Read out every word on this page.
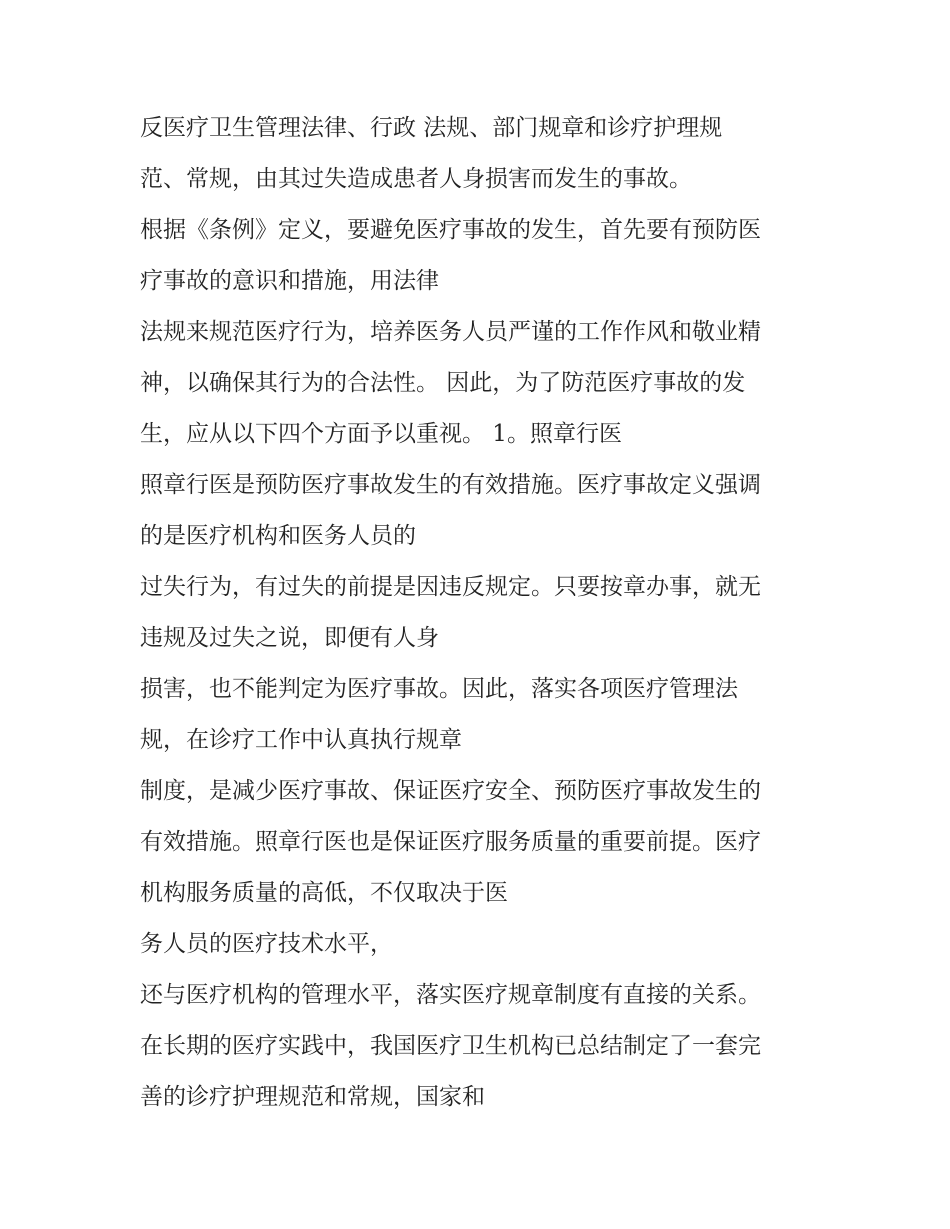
反医疗卫生管理法律、行政 法规、部门规章和诊疗护理规
范、常规，由其过失造成患者人身损害而发生的事故。
根据《条例》定义，要避免医疗事故的发生，首先要有预防医
疗事故的意识和措施，用法律
法规来规范医疗行为，培养医务人员严谨的工作作风和敬业精
神，以确保其行为的合法性。 因此，为了防范医疗事故的发
生，应从以下四个方面予以重视。 1。照章行医
照章行医是预防医疗事故发生的有效措施。医疗事故定义强调
的是医疗机构和医务人员的
过失行为，有过失的前提是因违反规定。只要按章办事，就无
违规及过失之说，即便有人身
损害，也不能判定为医疗事故。因此，落实各项医疗管理法
规，在诊疗工作中认真执行规章
制度，是减少医疗事故、保证医疗安全、预防医疗事故发生的
有效措施。照章行医也是保证医疗服务质量的重要前提。医疗
机构服务质量的高低，不仅取决于医
务人员的医疗技术水平，
还与医疗机构的管理水平，落实医疗规章制度有直接的关系。
在长期的医疗实践中，我国医疗卫生机构已总结制定了一套完
善的诊疗护理规范和常规，国家和
